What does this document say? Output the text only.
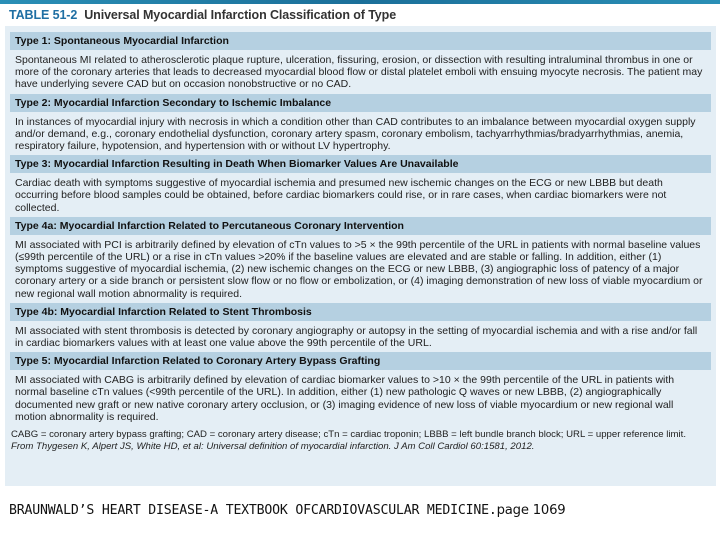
TABLE 51-2 Universal Myocardial Infarction Classification of Type
Type 1: Spontaneous Myocardial Infarction
Spontaneous MI related to atherosclerotic plaque rupture, ulceration, fissuring, erosion, or dissection with resulting intraluminal thrombus in one or more of the coronary arteries that leads to decreased myocardial blood flow or distal platelet emboli with ensuing myocyte necrosis. The patient may have underlying severe CAD but on occasion nonobstructive or no CAD.
Type 2: Myocardial Infarction Secondary to Ischemic Imbalance
In instances of myocardial injury with necrosis in which a condition other than CAD contributes to an imbalance between myocardial oxygen supply and/or demand, e.g., coronary endothelial dysfunction, coronary artery spasm, coronary embolism, tachyarrhythmias/bradyarrhythmias, anemia, respiratory failure, hypotension, and hypertension with or without LV hypertrophy.
Type 3: Myocardial Infarction Resulting in Death When Biomarker Values Are Unavailable
Cardiac death with symptoms suggestive of myocardial ischemia and presumed new ischemic changes on the ECG or new LBBB but death occurring before blood samples could be obtained, before cardiac biomarkers could rise, or in rare cases, when cardiac biomarkers were not collected.
Type 4a: Myocardial Infarction Related to Percutaneous Coronary Intervention
MI associated with PCI is arbitrarily defined by elevation of cTn values to >5 × the 99th percentile of the URL in patients with normal baseline values (≤99th percentile of the URL) or a rise in cTn values >20% if the baseline values are elevated and are stable or falling. In addition, either (1) symptoms suggestive of myocardial ischemia, (2) new ischemic changes on the ECG or new LBBB, (3) angiographic loss of patency of a major coronary artery or a side branch or persistent slow flow or no flow or embolization, or (4) imaging demonstration of new loss of viable myocardium or new regional wall motion abnormality is required.
Type 4b: Myocardial Infarction Related to Stent Thrombosis
MI associated with stent thrombosis is detected by coronary angiography or autopsy in the setting of myocardial ischemia and with a rise and/or fall in cardiac biomarkers values with at least one value above the 99th percentile of the URL.
Type 5: Myocardial Infarction Related to Coronary Artery Bypass Grafting
MI associated with CABG is arbitrarily defined by elevation of cardiac biomarker values to >10 × the 99th percentile of the URL in patients with normal baseline cTn values (<99th percentile of the URL). In addition, either (1) new pathologic Q waves or new LBBB, (2) angiographically documented new graft or new native coronary artery occlusion, or (3) imaging evidence of new loss of viable myocardium or new regional wall motion abnormality is required.
CABG = coronary artery bypass grafting; CAD = coronary artery disease; cTn = cardiac troponin; LBBB = left bundle branch block; URL = upper reference limit.
From Thygesen K, Alpert JS, White HD, et al: Universal definition of myocardial infarction. J Am Coll Cardiol 60:1581, 2012.
BRAUNWALD’S HEART DISEASE-A TEXTBOOK OFCARDIOVASCULAR MEDICINE.page 1069
